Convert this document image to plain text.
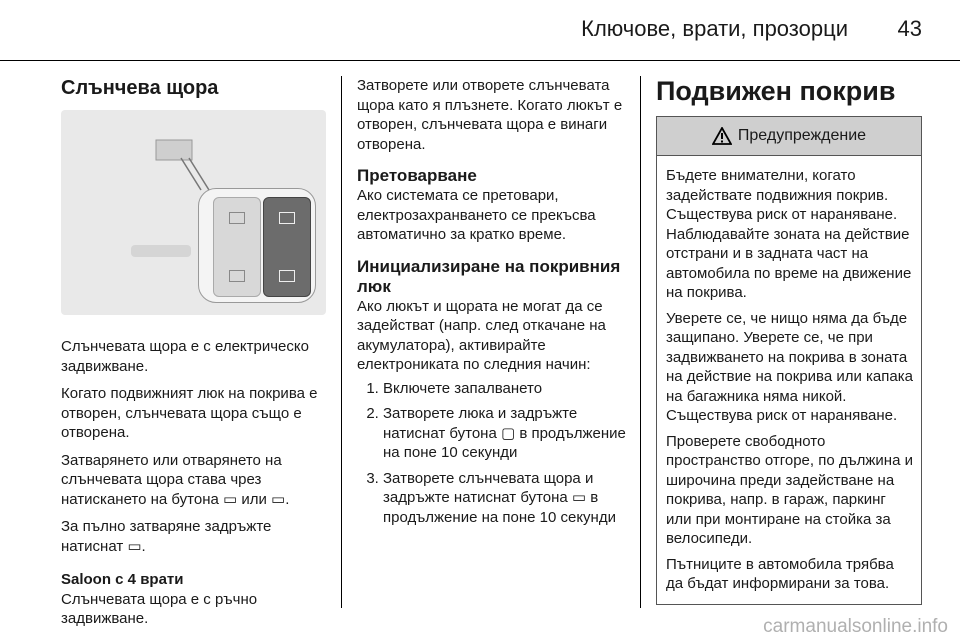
Ключове, врати, прозорци 43
Слънчева щора

Слънчевата щора е с електрическо задвижване.

Когато подвижният люк на покрива е отворен, слънчевата щора също е отворена.

Затварянето или отварянето на слънчевата щора става чрез натискането на бутона ▭ или ▭.

За пълно затваряне задръжте натиснат ▭.

Saloon с 4 врати

Слънчевата щора е с ръчно задвижване.

Затворете или отворете слънчевата щора като я плъзнете. Когато люкът е отворен, слънчевата щора е винаги отворена.

Претоварване

Ако системата се претовари, електрозахранването се прекъсва автоматично за кратко време.

Инициализиране на покривния люк

Ако люкът и щората не могат да се задействат (напр. след откачане на акумулатора), активирайте електрониката по следния начин:

1. Включете запалването
2. Затворете люка и задръжте натиснат бутона ▢ в продължение на поне 10 секунди
3. Затворете слънчевата щора и задръжте натиснат бутона ▭ в продължение на поне 10 секунди
Подвижен покрив
Предупреждение

Бъдете внимателни, когато задействате подвижния покрив. Съществува риск от нараняване. Наблюдавайте зоната на действие отстрани и в задната част на автомобила по време на движение на покрива.

Уверете се, че нищо няма да бъде защипано. Уверете се, че при задвижването на покрива в зоната на действие на покрива или капака на багажника няма никой. Съществува риск от нараняване.

Проверете свободното пространство отгоре, по дължина и широчина преди задействане на покрива, напр. в гараж, паркинг или при монтиране на стойка за велосипеди.

Пътниците в автомобила трябва да бъдат информирани за това.

carmanualsonline.info
